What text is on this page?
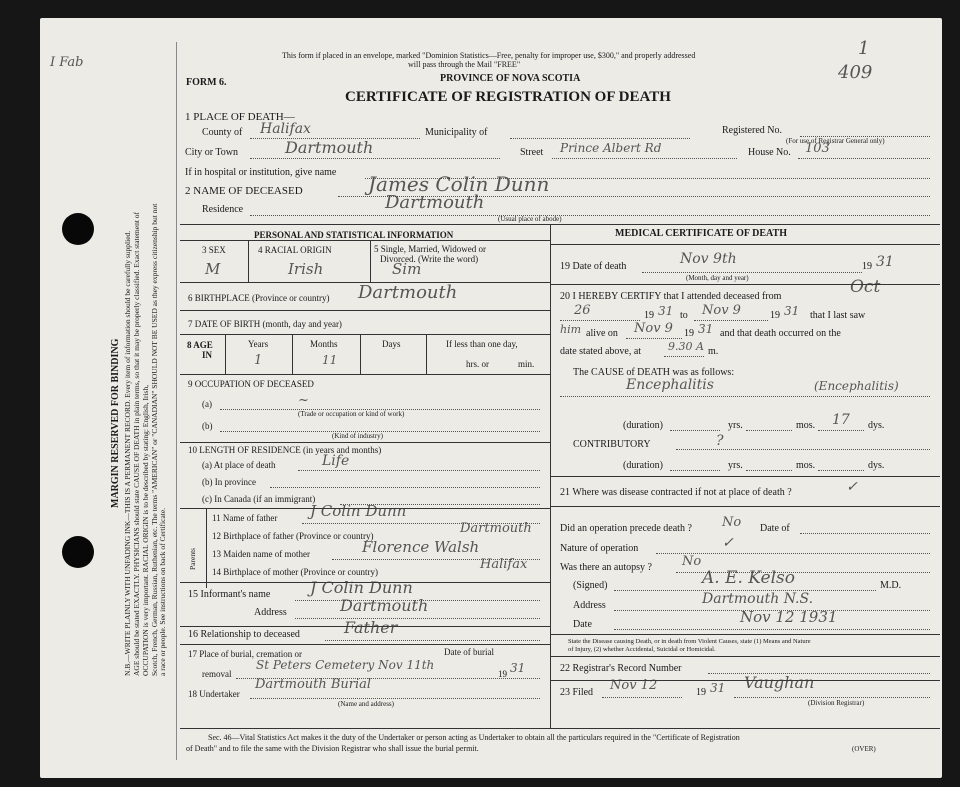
I Fab
MARGIN RESERVED FOR BINDING N.B.—WRITE PLAINLY WITH UNFADING INK—THIS IS A PERMANENT RECORD. Every item of information should be carefully supplied. AGE should be stated EXACTLY. PHYSICIANS should state CAUSE OF DEATH in plain terms, so that it may be properly classified. Exact statement of OCCUPATION is very important. RACIAL ORIGIN is to be described by stating: English, Irish, Scotch, French, German, Russian, Ruthenian, etc. The terms "AMERICAN" or "CANADIAN" SHOULD NOT BE USED as they express citizenship but not a race or people. See instructions on back of Certificate.
1
409
This form if placed in an envelope, marked "Dominion Statistics—Free, penalty for improper use, $300," and properly addressed
will pass through the Mail "FREE"
PROVINCE OF NOVA SCOTIA
FORM 6.
CERTIFICATE OF REGISTRATION OF DEATH
1 PLACE OF DEATH—
County of Halifax	Municipality of	Registered No.
(For use of Registrar General only)
City or Town	Dartmouth	Street Prince Albert Rd	House No. 103
If in hospital or institution, give name
2 NAME OF DECEASED	James Colin Dunn
Residence	Dartmouth
(Usual place of abode)
PERSONAL AND STATISTICAL INFORMATION
3 SEX	4 RACIAL ORIGIN	5 Single, Married, Widowed or
Divorced. (Write the word)
M	Irish	Sim
6 BIRTHPLACE (Province or country) Dartmouth
7 DATE OF BIRTH (month, day and year)
8 AGE
IN
Years	Months	Days	If less than one day,
hrs. or	min.
1	11
9 OCCUPATION OF DECEASED
(a)	~
(Trade or occupation or kind of work)
(b)
(Kind of industry)
10 LENGTH OF RESIDENCE (in years and months)
(a) At place of death	Life
(b) In province
(c) In Canada (if an immigrant)
Parents
11 Name of father J Colin Dunn
12 Birthplace of father (Province or country)	Dartmouth
13 Maiden name of mother	Florence Walsh
14 Birthplace of mother (Province or country)	Halifax
15 Informant's name J Colin Dunn
Address	Dartmouth
16 Relationship to deceased	Father
17 Place of burial, cremation or	Date of burial
removal
St Peters Cemetery Nov 11th
19 31
18 Undertaker
Dartmouth Burial
(Name and address)
MEDICAL CERTIFICATE OF DEATH
19 Date of death	Nov 9th
(Month, day and year)
19 31
20 I HEREBY CERTIFY that I attended deceased from	Oct
26	19 31 to Nov 9	19 31 that I last saw
him alive on Nov 9 19 31 and that death occurred on the
date stated above, at 9.30 A m.
The CAUSE of DEATH was as follows:
Encephalitis	(Encephalitis)
(duration)	yrs.	mos. 17 dys.
CONTRIBUTORY	?
(duration)	yrs.	mos.	dys.
21 Where was disease contracted if not at place of death ?	✓
Did an operation precede death ? No Date of
Nature of operation	✓
Was there an autopsy ? No
(Signed)	A. E. Kelso	M.D.
Address	Dartmouth N.S.
Date	Nov 12 1931
State the Disease causing Death, or in death from Violent Causes, state (1) Means and Nature
of Injury, (2) whether Accidental, Suicidal or Homicidal.
22 Registrar's Record Number
23 Filed Nov 12	19 31 Vaughan
(Division Registrar)
Sec. 46—Vital Statistics Act makes it the duty of the Undertaker or person acting as Undertaker to obtain all the particulars required in the "Certificate of Registration
of Death" and to file the same with the Division Registrar who shall issue the burial permit.	(OVER)
